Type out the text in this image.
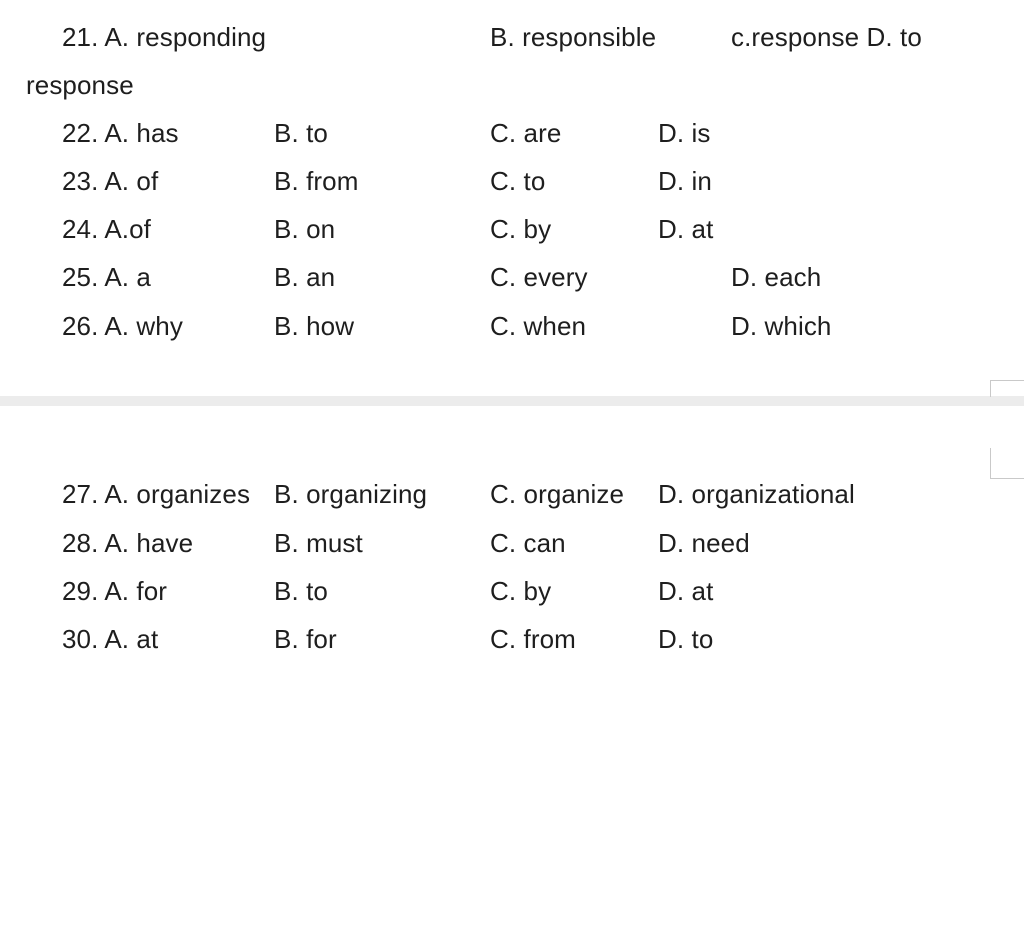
21. A. responding	B. responsible	c.response D. to
response
22. A. has	B. to	C. are	D. is
23. A. of	B. from	C. to	D. in
24. A.of	B. on	C. by	D. at
25. A. a	B. an	C. every	D. each
26. A. why	B. how	C. when	D. which
27. A. organizes B. organizing C. organize D. organizational
28. A. have	B. must	C. can	D. need
29. A. for	B. to	C. by	D. at
30. A. at	B. for	C. from	D. to
